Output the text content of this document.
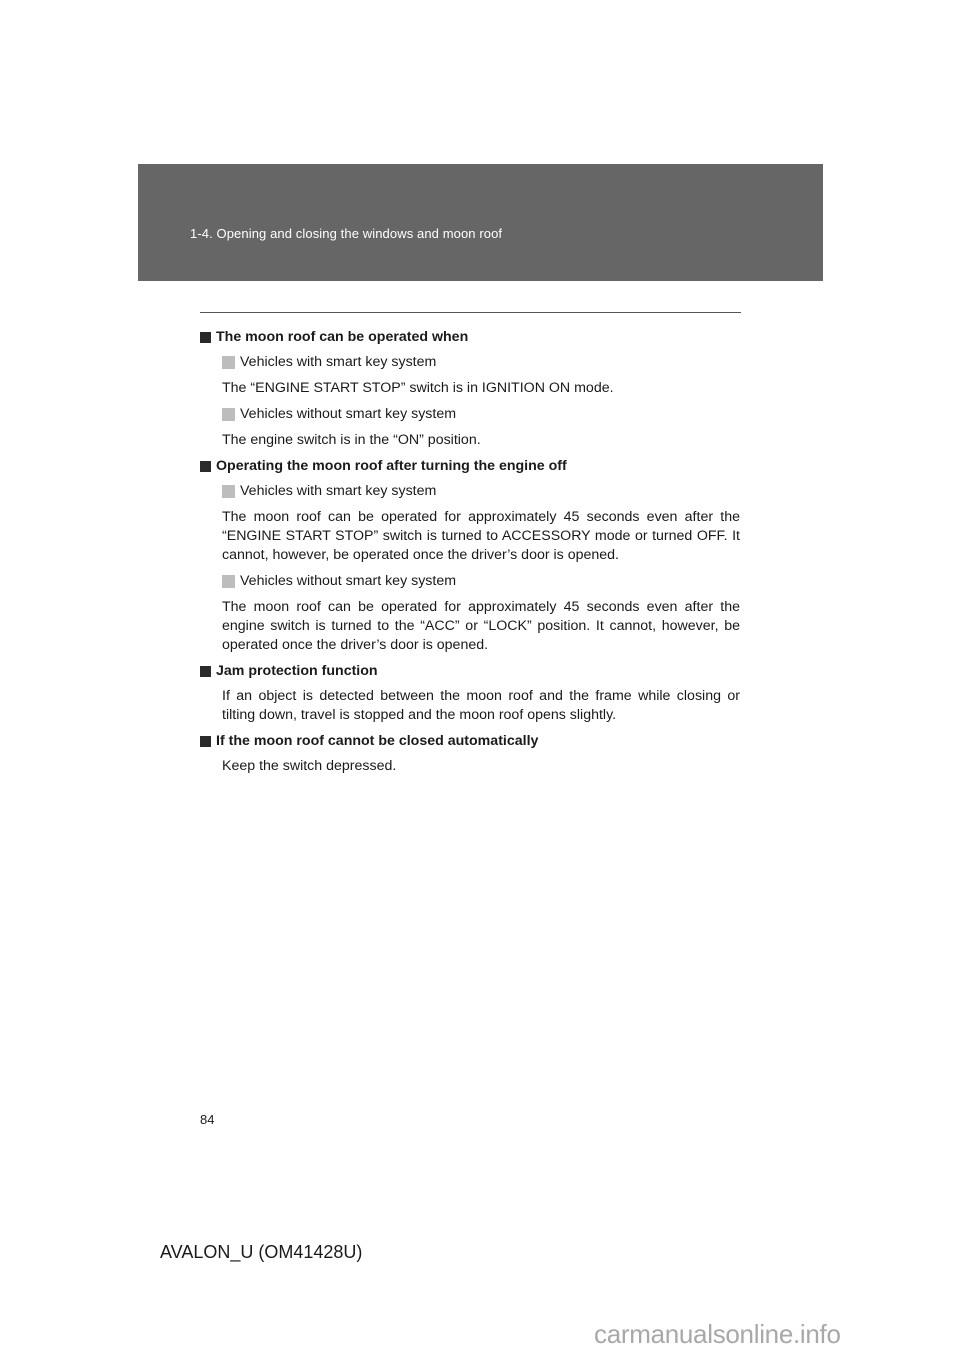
1-4. Opening and closing the windows and moon roof
The moon roof can be operated when
Vehicles with smart key system
The “ENGINE START STOP” switch is in IGNITION ON mode.
Vehicles without smart key system
The engine switch is in the “ON” position.
Operating the moon roof after turning the engine off
Vehicles with smart key system
The moon roof can be operated for approximately 45 seconds even after the “ENGINE START STOP” switch is turned to ACCESSORY mode or turned OFF. It cannot, however, be operated once the driver’s door is opened.
Vehicles without smart key system
The moon roof can be operated for approximately 45 seconds even after the engine switch is turned to the “ACC” or “LOCK” position. It cannot, however, be operated once the driver’s door is opened.
Jam protection function
If an object is detected between the moon roof and the frame while closing or tilting down, travel is stopped and the moon roof opens slightly.
If the moon roof cannot be closed automatically
Keep the switch depressed.
84
AVALON_U (OM41428U)
carmanualsonline.info
